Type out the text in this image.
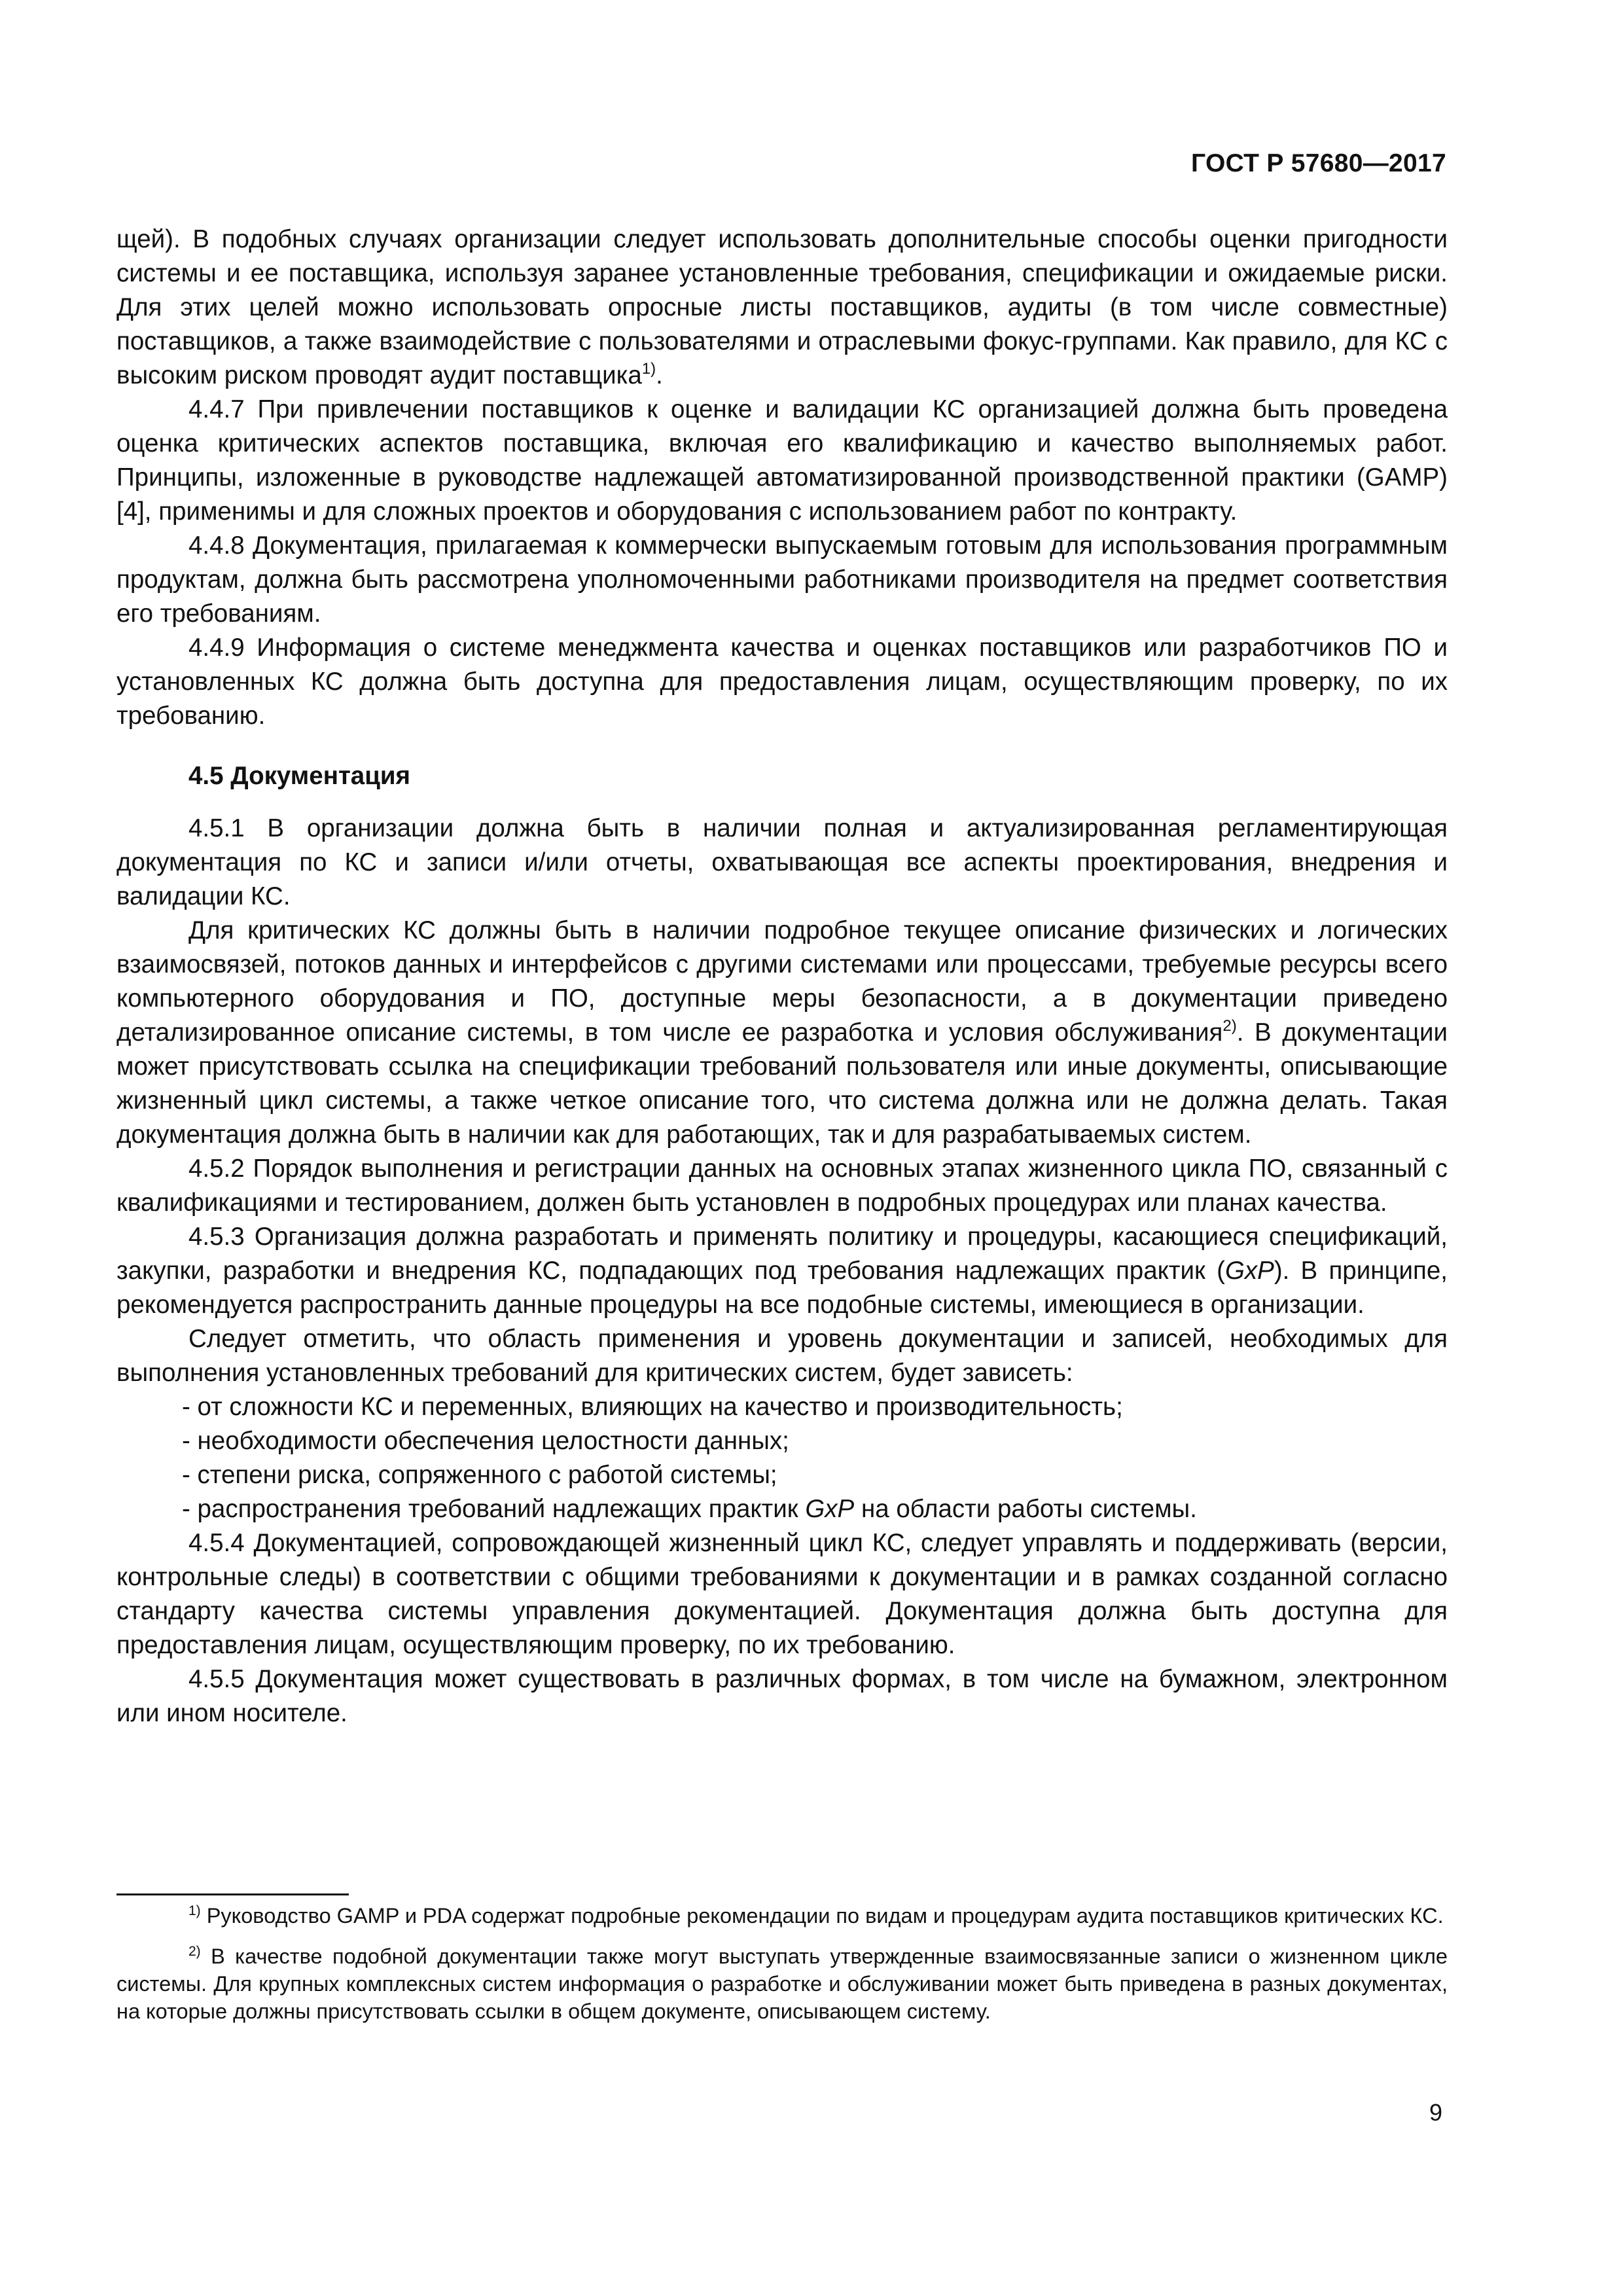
ГОСТ Р 57680—2017

щей). В подобных случаях организации следует использовать дополнительные способы оценки пригодности системы и ее поставщика, используя заранее установленные требования, спецификации и ожидаемые риски. Для этих целей можно использовать опросные листы поставщиков, аудиты (в том числе совместные) поставщиков, а также взаимодействие с пользователями и отраслевыми фокус-группами. Как правило, для КС с высоким риском проводят аудит поставщика$^{1)}$.

4.4.7 При привлечении поставщиков к оценке и валидации КС организацией должна быть проведена оценка критических аспектов поставщика, включая его квалификацию и качество выполняемых работ. Принципы, изложенные в руководстве надлежащей автоматизированной производственной практики (GAMP) [4], применимы и для сложных проектов и оборудования с использованием работ по контракту.

4.4.8 Документация, прилагаемая к коммерчески выпускаемым готовым для использования программным продуктам, должна быть рассмотрена уполномоченными работниками производителя на предмет соответствия его требованиям.

4.4.9 Информация о системе менеджмента качества и оценках поставщиков или разработчиков ПО и установленных КС должна быть доступна для предоставления лицам, осуществляющим проверку, по их требованию.

4.5 Документация

4.5.1 В организации должна быть в наличии полная и актуализированная регламентирующая документация по КС и записи и/или отчеты, охватывающая все аспекты проектирования, внедрения и валидации КС.

Для критических КС должны быть в наличии подробное текущее описание физических и логических взаимосвязей, потоков данных и интерфейсов с другими системами или процессами, требуемые ресурсы всего компьютерного оборудования и ПО, доступные меры безопасности, а в документации приведено детализированное описание системы, в том числе ее разработка и условия обслуживания$^{2)}$. В документации может присутствовать ссылка на спецификации требований пользователя или иные документы, описывающие жизненный цикл системы, а также четкое описание того, что система должна или не должна делать. Такая документация должна быть в наличии как для работающих, так и для разрабатываемых систем.

4.5.2 Порядок выполнения и регистрации данных на основных этапах жизненного цикла ПО, связанный с квалификациями и тестированием, должен быть установлен в подробных процедурах или планах качества.

4.5.3 Организация должна разработать и применять политику и процедуры, касающиеся спецификаций, закупки, разработки и внедрения КС, подпадающих под требования надлежащих практик (GxP). В принципе, рекомендуется распространить данные процедуры на все подобные системы, имеющиеся в организации.

Следует отметить, что область применения и уровень документации и записей, необходимых для выполнения установленных требований для критических систем, будет зависеть:

- от сложности КС и переменных, влияющих на качество и производительность;

- необходимости обеспечения целостности данных;

- степени риска, сопряженного с работой системы;

- распространения требований надлежащих практик GxP на области работы системы.

4.5.4 Документацией, сопровождающей жизненный цикл КС, следует управлять и поддерживать (версии, контрольные следы) в соответствии с общими требованиями к документации и в рамках созданной согласно стандарту качества системы управления документацией. Документация должна быть доступна для предоставления лицам, осуществляющим проверку, по их требованию.

4.5.5 Документация может существовать в различных формах, в том числе на бумажном, электронном или ином носителе.

$^{1)}$ Руководство GAMP и PDA содержат подробные рекомендации по видам и процедурам аудита поставщиков критических КС.

$^{2)}$ В качестве подобной документации также могут выступать утвержденные взаимосвязанные записи о жизненном цикле системы. Для крупных комплексных систем информация о разработке и обслуживании может быть приведена в разных документах, на которые должны присутствовать ссылки в общем документе, описывающем систему.

9
